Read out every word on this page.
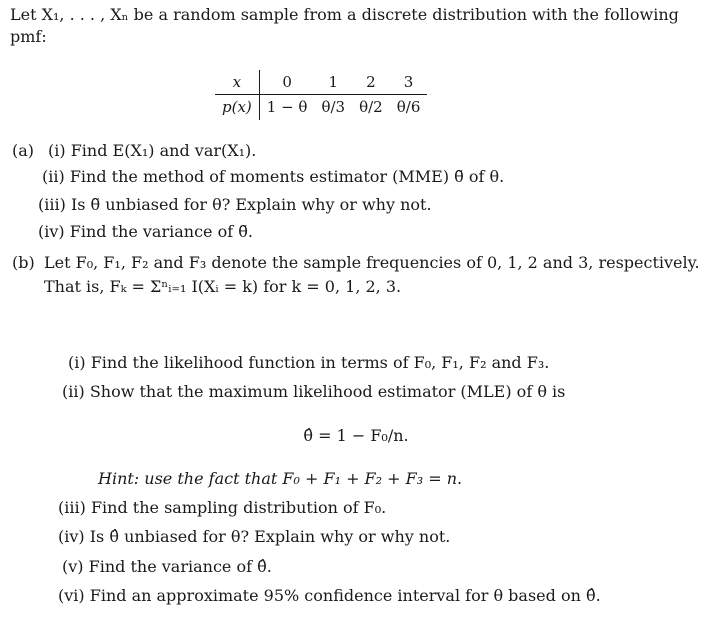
Let X₁, . . . , Xₙ be a random sample from a discrete distribution with the following pmf:
x	0	1	2	3
p(x)	1 − θ	θ/3	θ/2	θ/6
(a) (i) Find E(X₁) and var(X₁).
(ii) Find the method of moments estimator (MME) θ̃ of θ.
(iii) Is θ̃ unbiased for θ? Explain why or why not.
(iv) Find the variance of θ̃.
(b) Let F₀, F₁, F₂ and F₃ denote the sample frequencies of 0, 1, 2 and 3, respectively.
That is, Fₖ = Σⁿᵢ₌₁ I(Xᵢ = k) for k = 0, 1, 2, 3.
(i) Find the likelihood function in terms of F₀, F₁, F₂ and F₃.
(ii) Show that the maximum likelihood estimator (MLE) of θ is
θ̂ = 1 − F₀/n.
Hint: use the fact that F₀ + F₁ + F₂ + F₃ = n.
(iii) Find the sampling distribution of F₀.
(iv) Is θ̂ unbiased for θ? Explain why or why not.
(v) Find the variance of θ̂.
(vi) Find an approximate 95% confidence interval for θ based on θ̂.
